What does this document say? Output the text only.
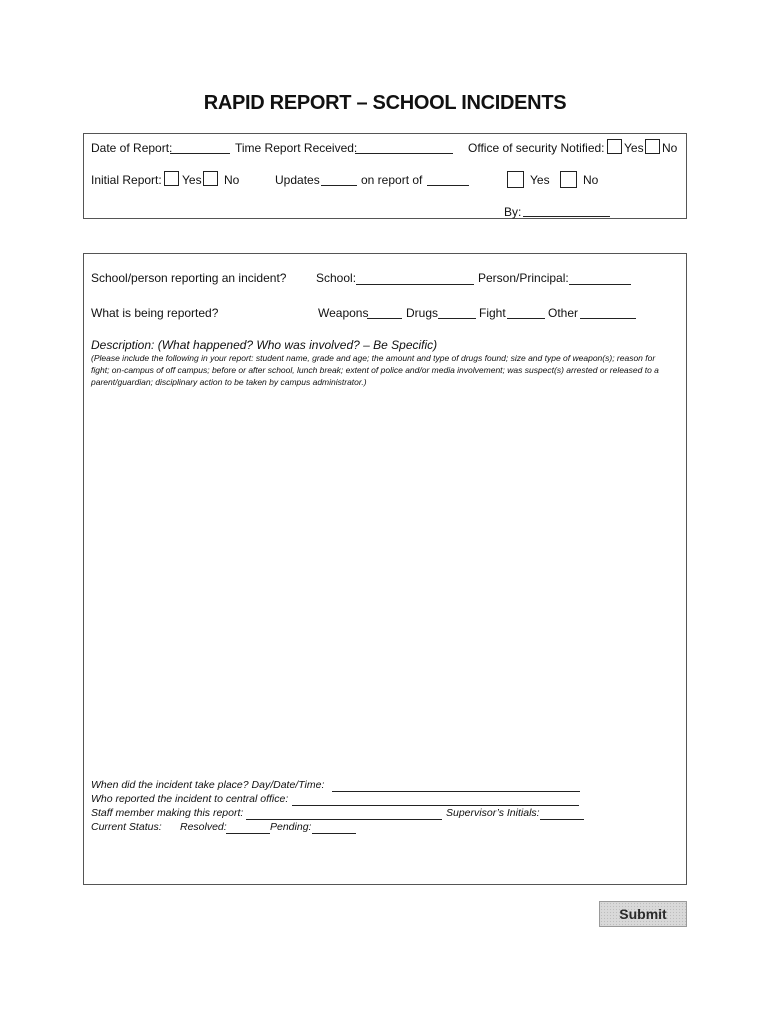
RAPID REPORT – SCHOOL INCIDENTS
Date of Report:	Time Report Received:	Office of security Notified: Yes No
Initial Report: Yes No	Updates	on report of	Yes	No
By:
School/person reporting an incident? School:	Person/Principal:
What is being reported?	Weapons	Drugs	Fight	Other
Description: (What happened? Who was involved? – Be Specific)
(Please include the following in your report: student name, grade and age; the amount and type of drugs found; size and type of weapon(s); reason for fight; on-campus of off campus; before or after school, lunch break; extent of police and/or media involvement; was suspect(s) arrested or released to a parent/guardian; disciplinary action to be taken by campus administrator.)
When did the incident take place? Day/Date/Time:
Who reported the incident to central office:
Staff member making this report:	Supervisor’s Initials:
Current Status: Resolved:	Pending:
Submit
